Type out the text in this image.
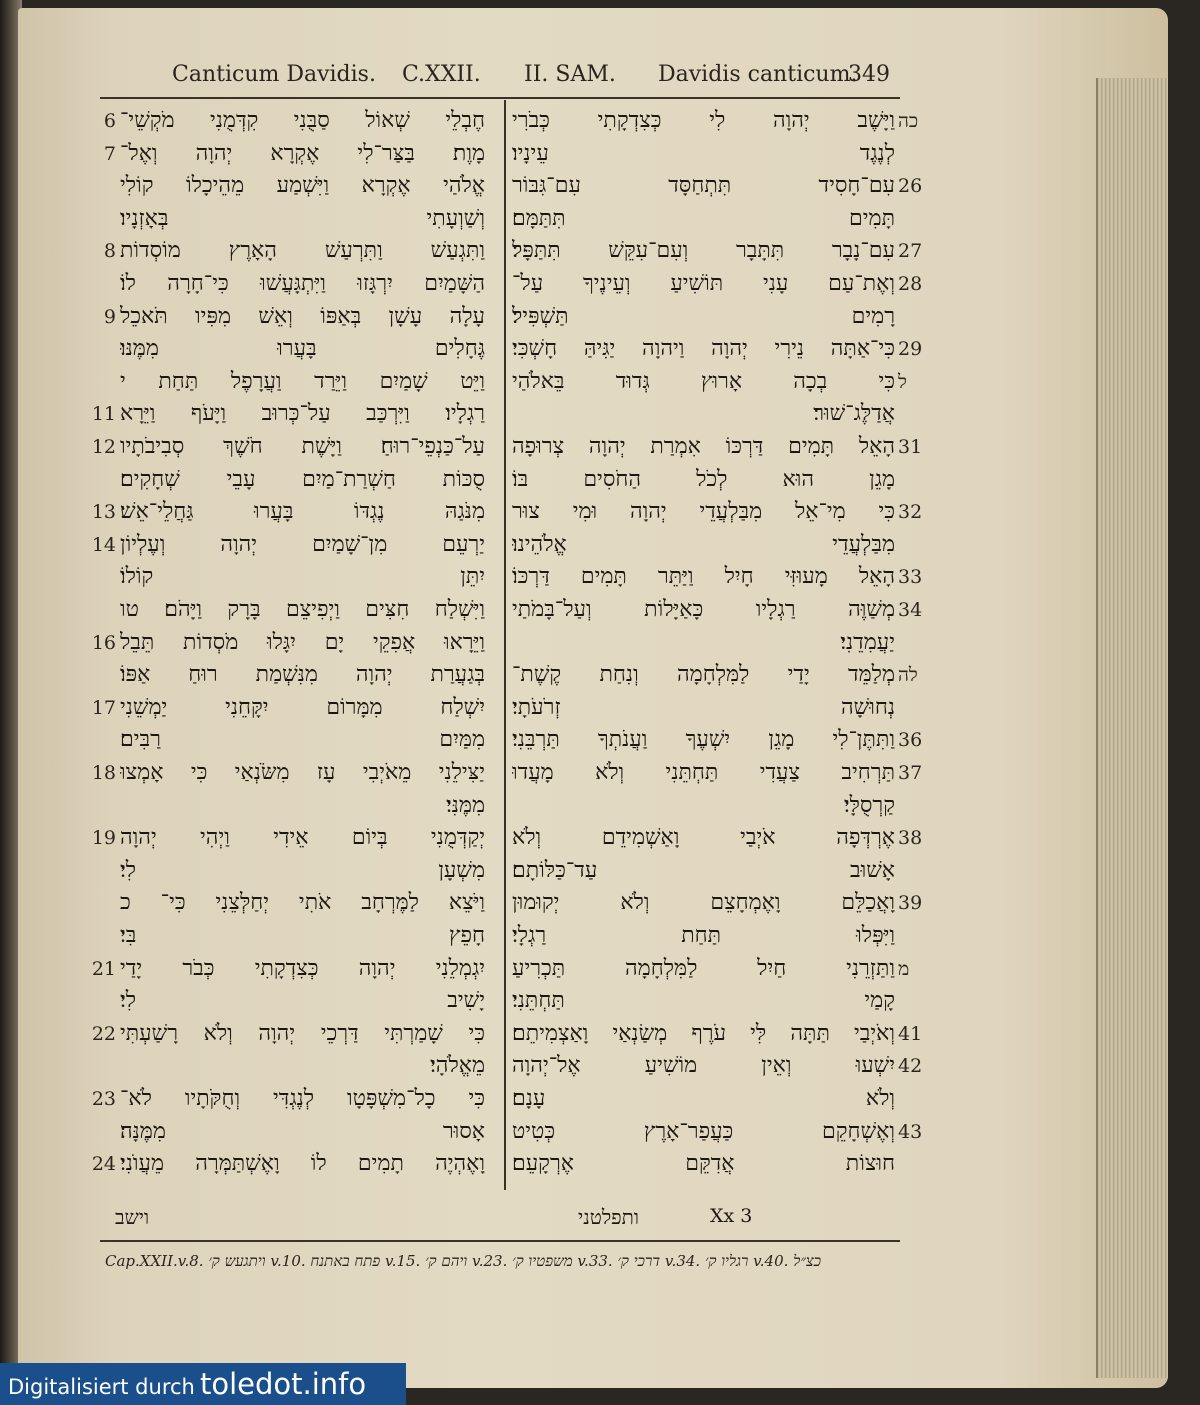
Canticum Davidis. C.XXII. II. SAM. Davidis canticum.
349
חֶבְלֵי שְׁאוֹל סַבֻּנִי קִדְּמֻנִי מֹקְשֵׁי־
6
מָוֶת׃ בַּצַּר־לִי אֶקְרָא יְהוָה וְאֶל־
7
אֱלֹהַי אֶקְרָא וַיִּשְׁמַע מֵהֵיכָלוֹ קוֹלִי
וְשַׁוְעָתִי בְּאָזְנָיו׃
וַתִּגְעַשׁ וַתִּרְעַשׁ הָאָרֶץ מוֹסְדוֹת
8
הַשָּׁמַיִם יִרְגָּזוּ וַיִּתְגָּעֲשׁוּ כִּי־חָרָה לוֹ׃
עָלָה עָשָׁן בְּאַפּוֹ וְאֵשׁ מִפִּיו תֹּאכֵל
9
גֶּחָלִים בָּעֲרוּ מִמֶּנּוּ׃
וַיֵּט שָׁמַיִם וַיֵּרַד וַעֲרָפֶל תַּחַת י
רַגְלָיו׃ וַיִּרְכַּב עַל־כְּרוּב וַיָּעֹף וַיֵּרָא
11
עַל־כַּנְפֵי־רוּחַ׃ וַיָּשֶׁת חֹשֶׁךְ סְבִיבֹתָיו
12
סֻכּוֹת חַשְׁרַת־מַיִם עָבֵי שְׁחָקִים׃
מִנֹּגַהּ נֶגְדּוֹ בָּעֲרוּ גַּחֲלֵי־אֵשׁ׃
13
יַרְעֵם מִן־שָׁמַיִם יְהוָה וְעֶלְיוֹן
14
יִתֵּן קוֹלוֹ׃
וַיִּשְׁלַח חִצִּים וַיְפִיצֵם בָּרָק וַיָּהֹם׃ טו
וַיֵּרָאוּ אֲפִקֵי יָם יִגָּלוּ מֹסְדוֹת תֵּבֵל
16
בְּגַעֲרַת יְהוָה מִנִּשְׁמַת רוּחַ אַפּוֹ׃
יִשְׁלַח מִמָּרוֹם יִקָּחֵנִי יַמְשֵׁנִי
17
מִמַּיִם רַבִּים׃
יַצִּילֵנִי מֵאֹיְבִי עָז מִשֹּׂנְאַי כִּי אָמְצוּ
18
מִמֶּנִּי׃
יְקַדְּמֻנִי בְּיוֹם אֵידִי וַיְהִי יְהוָה
19
מִשְׁעָן לִי׃
וַיֹּצֵא לַמֶּרְחָב אֹתִי יְחַלְּצֵנִי כִּי־ כ
חָפֵץ בִּי׃
יִגְמְלֵנִי יְהוָה כְּצִדְקָתִי כְּבֹר יָדַי
21
יָשִׁיב לִי׃
כִּי שָׁמַרְתִּי דַּרְכֵי יְהוָה וְלֹא רָשַׁעְתִּי
22
מֵאֱלֹהָי׃
כִּי כָל־מִשְׁפָּטָו לְנֶגְדִּי וְחֻקֹּתָיו לֹא־
23
אָסוּר מִמֶּנָּה׃
וָאֶהְיֶה תָמִים לוֹ וָאֶשְׁתַּמְּרָה מֵעֲוֺנִי׃
24
וַיָּשֶׁב יְהוָה לִי כְּצִדְקָתִי כְּבֹרִי כה
לְנֶגֶד עֵינָיו׃
עִם־חָסִיד תִּתְחַסָּד עִם־גִּבּוֹר 26
תָּמִים תִּתַּמָּם׃
עִם־נָבָר תִּתָּבָר וְעִם־עִקֵּשׁ תִּתַּפָּל׃ 27
וְאֶת־עַם עָנִי תּוֹשִׁיעַ וְעֵינֶיךָ עַל־ 28
רָמִים תַּשְׁפִּיל׃
כִּי־אַתָּה נֵירִי יְהוָה וַיהוָה יַגִּיהַּ חָשְׁכִּי׃ 29
כִּי בְכָה אָרוּץ גְּדוּד בֵּאלֹהַי ל
אֲדַלֶּג־שׁוּר׃
הָאֵל תָּמִים דַּרְכּוֹ אִמְרַת יְהוָה צְרוּפָה 31
מָגֵן הוּא לְכֹל הַחֹסִים בּוֹ׃
כִּי מִי־אֵל מִבַּלְעֲדֵי יְהוָה וּמִי צוּר 32
מִבַּלְעֲדֵי אֱלֹהֵינוּ׃
הָאֵל מָעוּזִּי חָיִל וַיַּתֵּר תָּמִים דַּרְכּוֹ׃ 33
מְשַׁוֶּה רַגְלָיו כָּאַיָּלוֹת וְעַל־בָּמֹתַי 34
יַעֲמִדֵנִי׃
מְלַמֵּד יָדַי לַמִּלְחָמָה וְנִחַת קֶשֶׁת־ לה
נְחוּשָׁה זְרֹעֹתָי׃
וַתִּתֶּן־לִי מָגֵן יִשְׁעֶךָ וַעֲנֹתְךָ תַּרְבֵּנִי׃ 36
תַּרְחִיב צַעֲדִי תַּחְתֵּנִי וְלֹא מָעֲדוּ 37
קַרְסֻלָּי׃
אֶרְדְּפָה אֹיְבַי וָאַשְׁמִידֵם וְלֹא 38
אָשׁוּב עַד־כַּלּוֹתָם׃
וָאֲכַלֵּם וָאֶמְחָצֵם וְלֹא יְקוּמוּן 39
וַיִּפְּלוּ תַּחַת רַגְלָי׃
וַתַּזְרֵנִי חַיִל לַמִּלְחָמָה תַּכְרִיעַ מ
קָמַי תַּחְתֵּנִי׃
וְאֹיְבַי תַּתָּה לִּי עֹרֶף מְשַׂנְאַי וָאַצְמִיתֵם׃ 41
יִשְׁעוּ וְאֵין מוֹשִׁיעַ אֶל־יְהוָה 42
וְלֹא עָנָם׃
וְאֶשְׁחָקֵם כַּעֲפַר־אָרֶץ כְּטִיט 43
חוּצוֹת אֲדִקֵּם אֶרְקָעֵם׃
וישב	ותפלטני	Xx 3
Cap.XXII.v.8. ויתגעש ק׳ v.10. פתח באתנח v.15. ויהם ק׳ v.23. משפטיו ק׳ v.33. דרכי ק׳ v.34. רגליו ק׳ v.40. כצ״ל
Digitalisiert durch toledot.info
